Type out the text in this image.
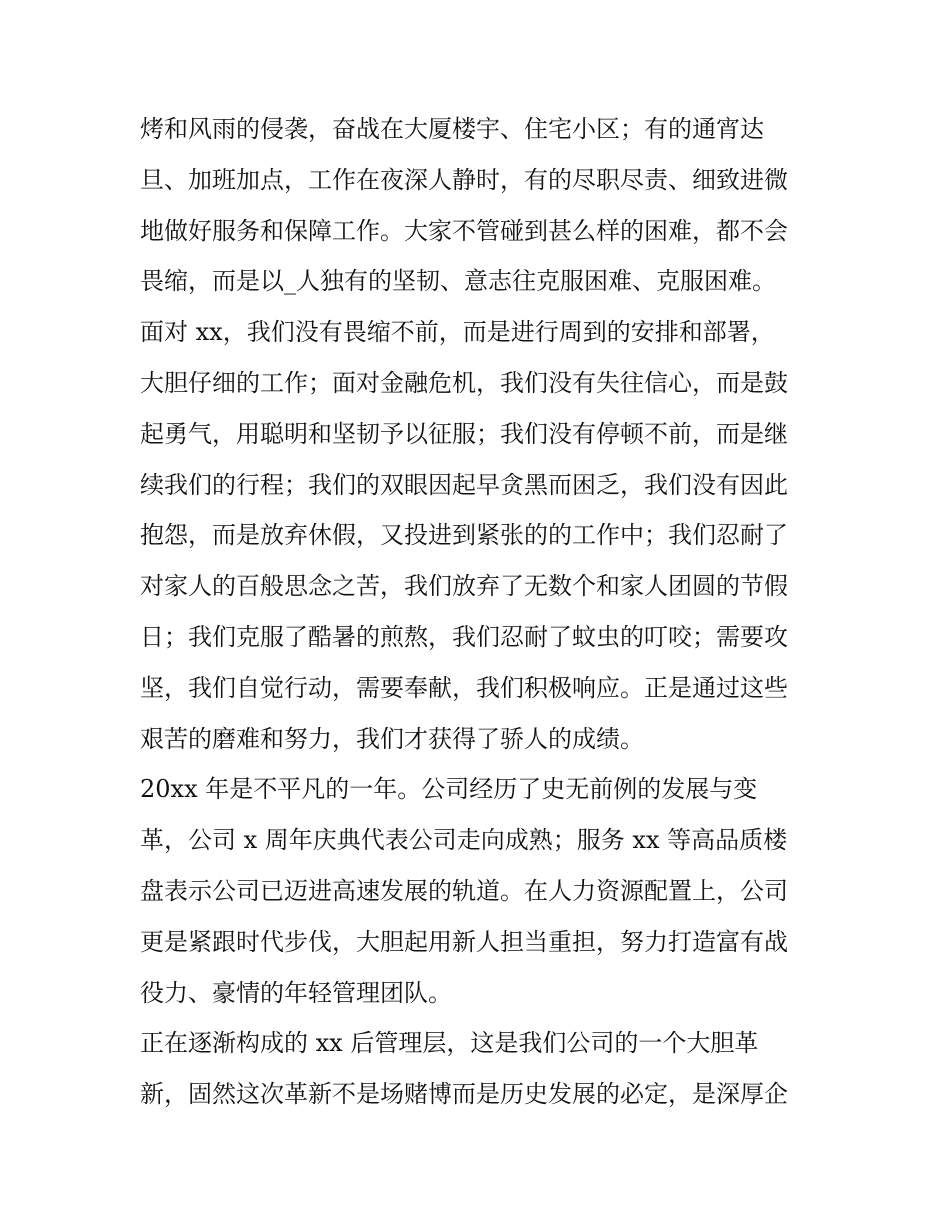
烤和风雨的侵袭，奋战在大厦楼宇、住宅小区；有的通宵达
旦、加班加点，工作在夜深人静时，有的尽职尽责、细致进微
地做好服务和保障工作。大家不管碰到甚么样的困难，都不会
畏缩，而是以_人独有的坚韧、意志往克服困难、克服困难。
面对 xx，我们没有畏缩不前，而是进行周到的安排和部署，
大胆仔细的工作；面对金融危机，我们没有失往信心，而是鼓
起勇气，用聪明和坚韧予以征服；我们没有停顿不前，而是继
续我们的行程；我们的双眼因起早贪黑而困乏，我们没有因此
抱怨，而是放弃休假，又投进到紧张的的工作中；我们忍耐了
对家人的百般思念之苦，我们放弃了无数个和家人团圆的节假
日；我们克服了酷暑的煎熬，我们忍耐了蚊虫的叮咬；需要攻
坚，我们自觉行动，需要奉献，我们积极响应。正是通过这些
艰苦的磨难和努力，我们才获得了骄人的成绩。
20xx 年是不平凡的一年。公司经历了史无前例的发展与变
革，公司 x 周年庆典代表公司走向成熟；服务 xx 等高品质楼
盘表示公司已迈进高速发展的轨道。在人力资源配置上，公司
更是紧跟时代步伐，大胆起用新人担当重担，努力打造富有战
役力、豪情的年轻管理团队。
正在逐渐构成的 xx 后管理层，这是我们公司的一个大胆革
新，固然这次革新不是场赌博而是历史发展的必定，是深厚企
